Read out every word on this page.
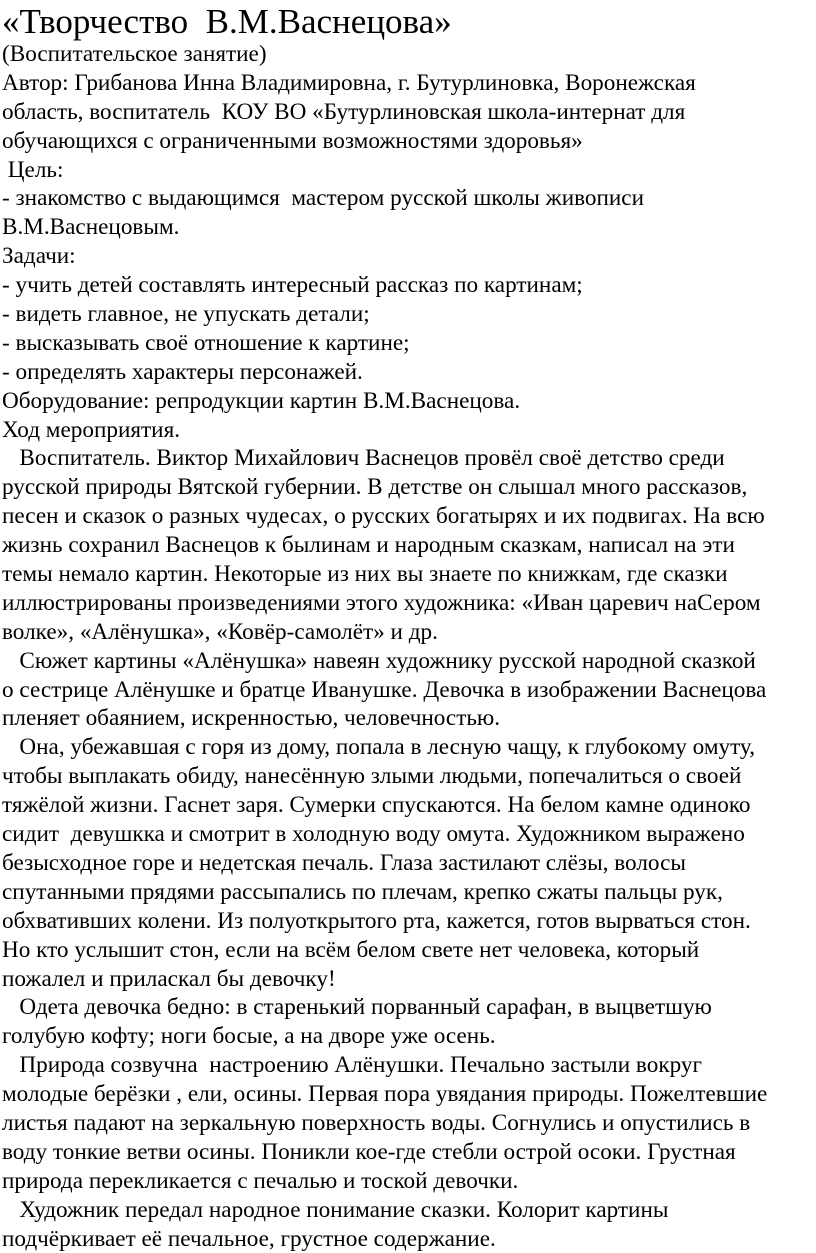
«Творчество  В.М.Васнецова»
(Воспитательское занятие)
Автор: Грибанова Инна Владимировна, г. Бутурлиновка, Воронежская
область, воспитатель  КОУ ВО «Бутурлиновская школа-интернат для
обучающихся с ограниченными возможностями здоровья»
Цель:
- знакомство с выдающимся  мастером русской школы живописи
В.М.Васнецовым.
Задачи:
- учить детей составлять интересный рассказ по картинам;
- видеть главное, не упускать детали;
- высказывать своё отношение к картине;
- определять характеры персонажей.
Оборудование: репродукции картин В.М.Васнецова.
Ход мероприятия.
Воспитатель. Виктор Михайлович Васнецов провёл своё детство среди
русской природы Вятской губернии. В детстве он слышал много рассказов,
песен и сказок о разных чудесах, о русских богатырях и их подвигах. На всю
жизнь сохранил Васнецов к былинам и народным сказкам, написал на эти
темы немало картин. Некоторые из них вы знаете по книжкам, где сказки
иллюстрированы произведениями этого художника: «Иван царевич наСером
волке», «Алёнушка», «Ковёр-самолёт» и др.
Сюжет картины «Алёнушка» навеян художнику русской народной сказкой
о сестрице Алёнушке и братце Иванушке. Девочка в изображении Васнецова
пленяет обаянием, искренностью, человечностью.
Она, убежавшая с горя из дому, попала в лесную чащу, к глубокому омуту,
чтобы выплакать обиду, нанесённую злыми людьми, попечалиться о своей
тяжёлой жизни. Гаснет заря. Сумерки спускаются. На белом камне одиноко
сидит  девушкка и смотрит в холодную воду омута. Художником выражено
безысходное горе и недетская печаль. Глаза застилают слёзы, волосы
спутанными прядями рассыпались по плечам, крепко сжаты пальцы рук,
обхвативших колени. Из полуоткрытого рта, кажется, готов вырваться стон.
Но кто услышит стон, если на всём белом свете нет человека, который
пожалел и приласкал бы девочку!
Одета девочка бедно: в старенький порванный сарафан, в выцветшую
голубую кофту; ноги босые, а на дворе уже осень.
Природа созвучна  настроению Алёнушки. Печально застыли вокруг
молодые берёзки , ели, осины. Первая пора увядания природы. Пожелтевшие
листья падают на зеркальную поверхность воды. Согнулись и опустились в
воду тонкие ветви осины. Поникли кое-где стебли острой осоки. Грустная
природа перекликается с печалью и тоской девочки.
Художник передал народное понимание сказки. Колорит картины
подчёркивает её печальное, грустное содержание.
